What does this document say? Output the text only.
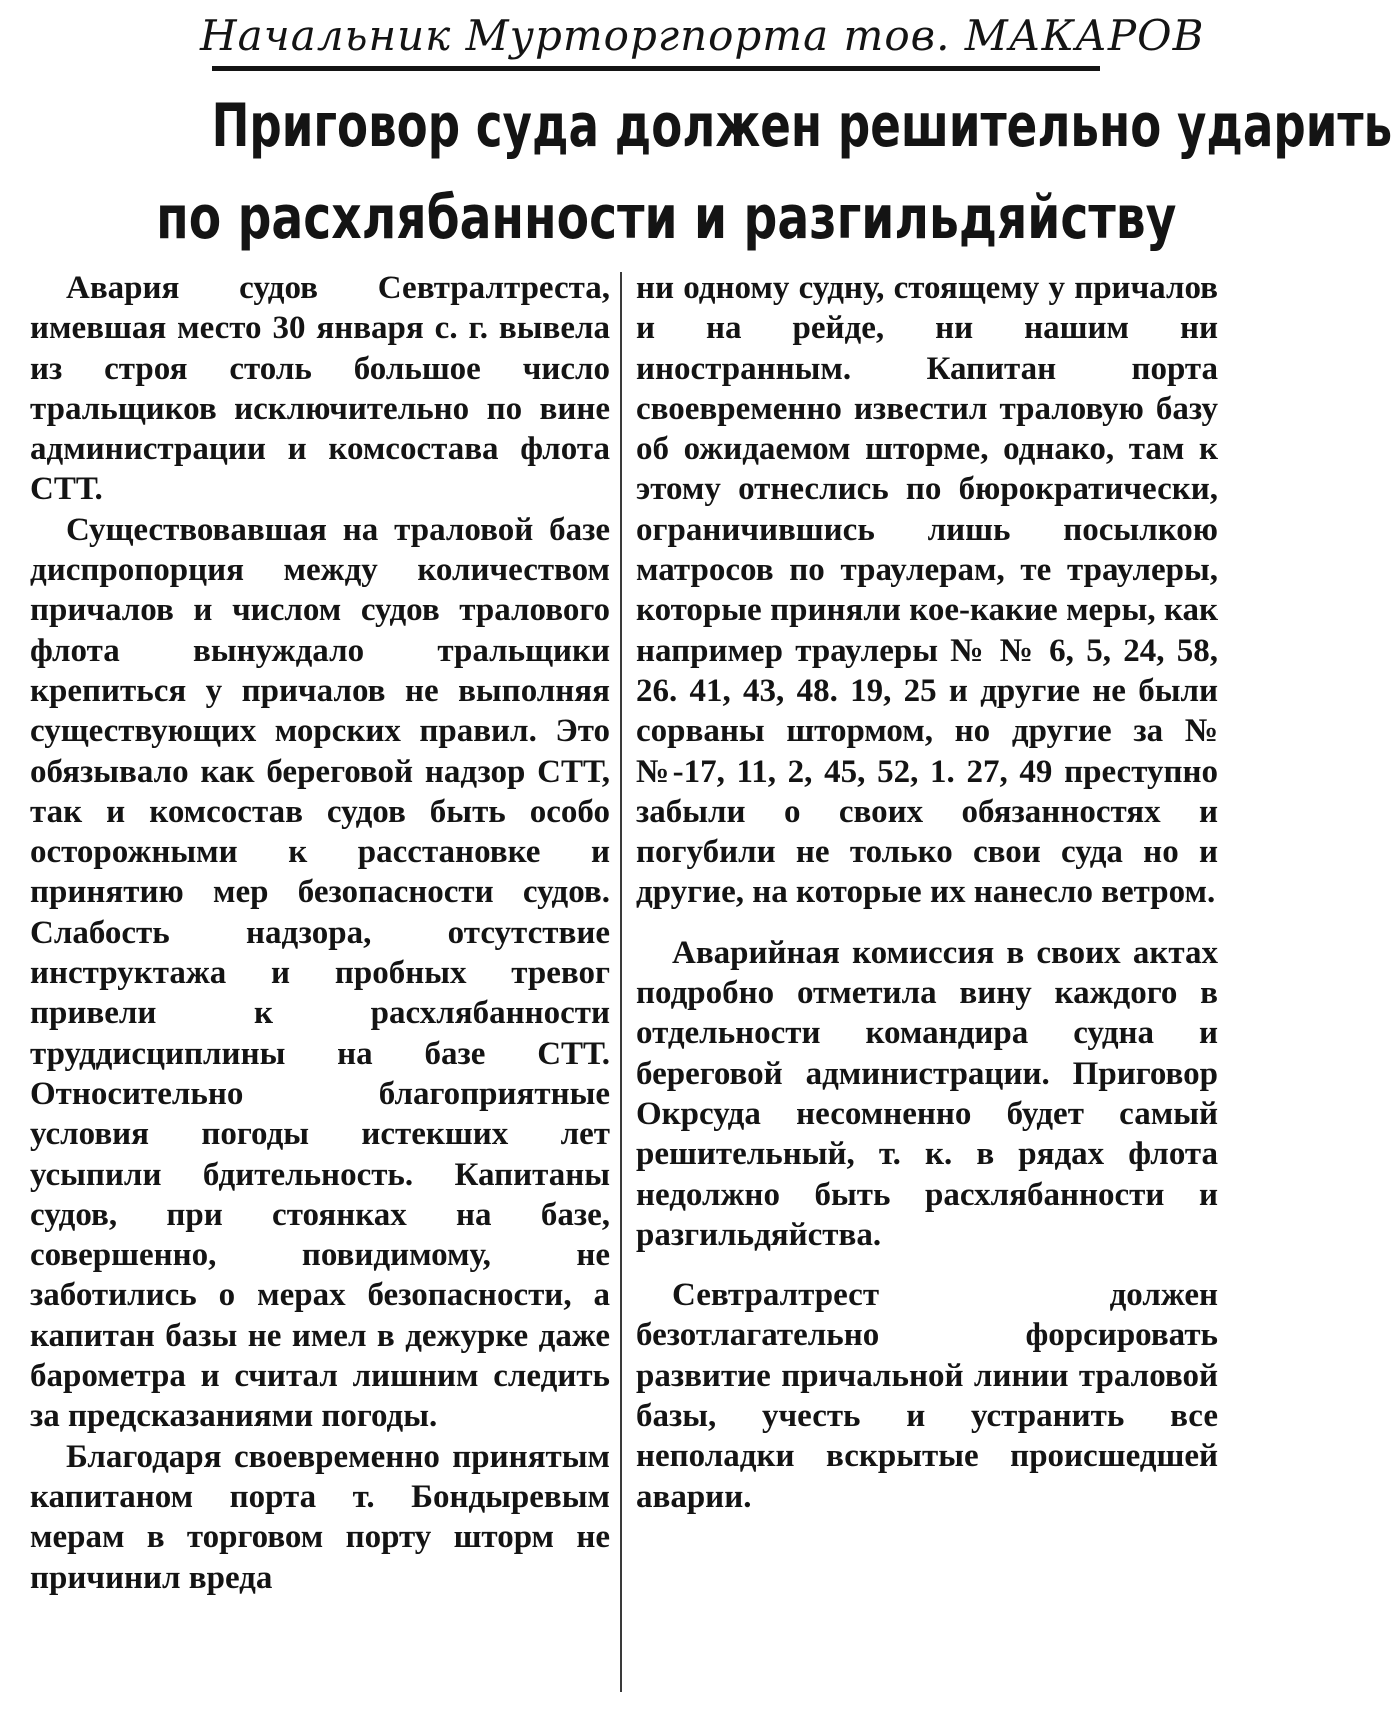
Начальник Мурторгпорта тов. МАКАРОВ
Приговор суда должен решительно ударить
по расхлябанности и разгильдяйству

Авария судов Севтралтреста, имевшая место 30 января с. г. вывела из строя столь большое число тральщиков исключительно по вине администрации и комсостава флота СТТ.

Существовавшая на траловой базе диспропорция между количеством причалов и числом судов тралового флота вынуждало тральщики крепиться у причалов не выполняя существующих морских правил. Это обязывало как береговой надзор СТТ, так и комсостав судов быть особо осторожными к расстановке и принятию мер безопасности судов. Слабость надзора, отсутствие инструктажа и пробных тревог привели к расхлябанности труддисциплины на базе СТТ. Относительно благоприятные условия погоды истекших лет усыпили бдительность. Капитаны судов, при стоянках на базе, совершенно, повидимому, не заботились о мерах безопасности, а капитан базы не имел в дежурке даже барометра и считал лишним следить за предсказаниями погоды.

Благодаря своевременно принятым капитаном порта т. Бондыревым мерам в торговом порту шторм не причинил вреда

ни одному судну, стоящему у причалов и на рейде, ни нашим ни иностранным. Капитан порта своевременно известил траловую базу об ожидаемом шторме, однако, там к этому отнеслись по бюрократически, ограничившись лишь посылкою матросов по траулерам, те траулеры, которые приняли кое-какие меры, как например траулеры № № 6, 5, 24, 58, 26. 41, 43, 48. 19, 25 и другие не были сорваны штормом, но другие за №№-17, 11, 2, 45, 52, 1. 27, 49 преступно забыли о своих обязанностях и погубили не только свои суда но и другие, на которые их нанесло ветром.

Аварийная комиссия в своих актах подробно отметила вину каждого в отдельности командира судна и береговой администрации. Приговор Окрсуда несомненно будет самый решительный, т. к. в рядах флота недолжно быть расхлябанности и разгильдяйства.

Севтралтрест должен безотлагательно форсировать развитие причальной линии траловой базы, учесть и устранить все неполадки вскрытые происшедшей аварии.
